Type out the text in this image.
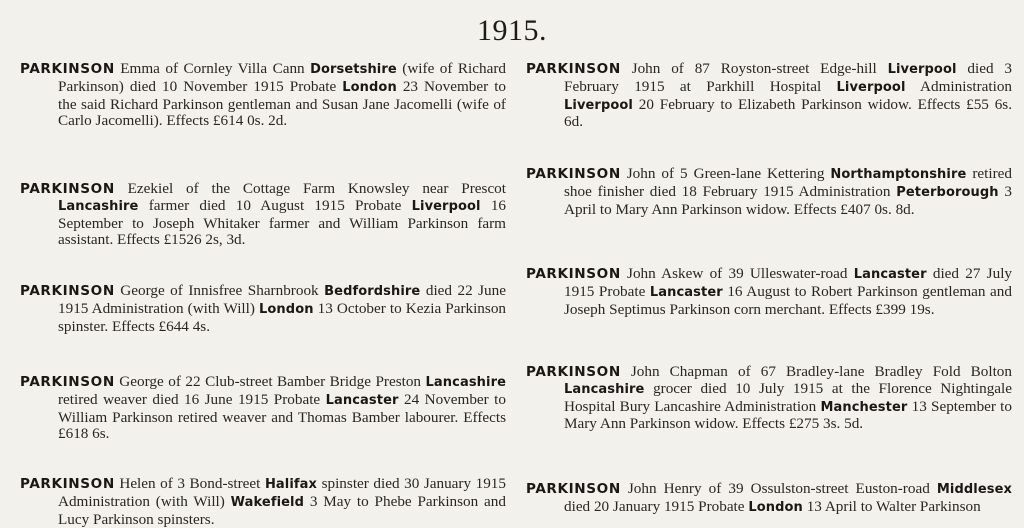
1915.
PARKINSON Emma of Cornley Villa Cann Dorsetshire (wife of Richard Parkinson) died 10 November 1915 Probate London 23 November to the said Richard Parkinson gentleman and Susan Jane Jacomelli (wife of Carlo Jacomelli). Effects £614 0s. 2d.
PARKINSON Ezekiel of the Cottage Farm Knowsley near Prescot Lancashire farmer died 10 August 1915 Probate Liverpool 16 September to Joseph Whitaker farmer and William Parkinson farm assistant. Effects £1526 2s, 3d.
PARKINSON George of Innisfree Sharnbrook Bedfordshire died 22 June 1915 Administration (with Will) London 13 October to Kezia Parkinson spinster. Effects £644 4s.
PARKINSON George of 22 Club-street Bamber Bridge Preston Lancashire retired weaver died 16 June 1915 Probate Lancaster 24 November to William Parkinson retired weaver and Thomas Bamber labourer. Effects £618 6s.
PARKINSON Helen of 3 Bond-street Halifax spinster died 30 January 1915 Administration (with Will) Wakefield 3 May to Phebe Parkinson and Lucy Parkinson spinsters.
PARKINSON John of 87 Royston-street Edge-hill Liverpool died 3 February 1915 at Parkhill Hospital Liverpool Administration Liverpool 20 February to Elizabeth Parkinson widow. Effects £55 6s. 6d.
PARKINSON John of 5 Green-lane Kettering Northamptonshire retired shoe finisher died 18 February 1915 Administration Peterborough 3 April to Mary Ann Parkinson widow. Effects £407 0s. 8d.
PARKINSON John Askew of 39 Ulleswater-road Lancaster died 27 July 1915 Probate Lancaster 16 August to Robert Parkinson gentleman and Joseph Septimus Parkinson corn merchant. Effects £399 19s.
PARKINSON John Chapman of 67 Bradley-lane Bradley Fold Bolton Lancashire grocer died 10 July 1915 at the Florence Nightingale Hospital Bury Lancashire Administration Manchester 13 September to Mary Ann Parkinson widow. Effects £275 3s. 5d.
PARKINSON John Henry of 39 Ossulston-street Euston-road Middlesex died 20 January 1915 Probate London 13 April to Walter Parkinson
